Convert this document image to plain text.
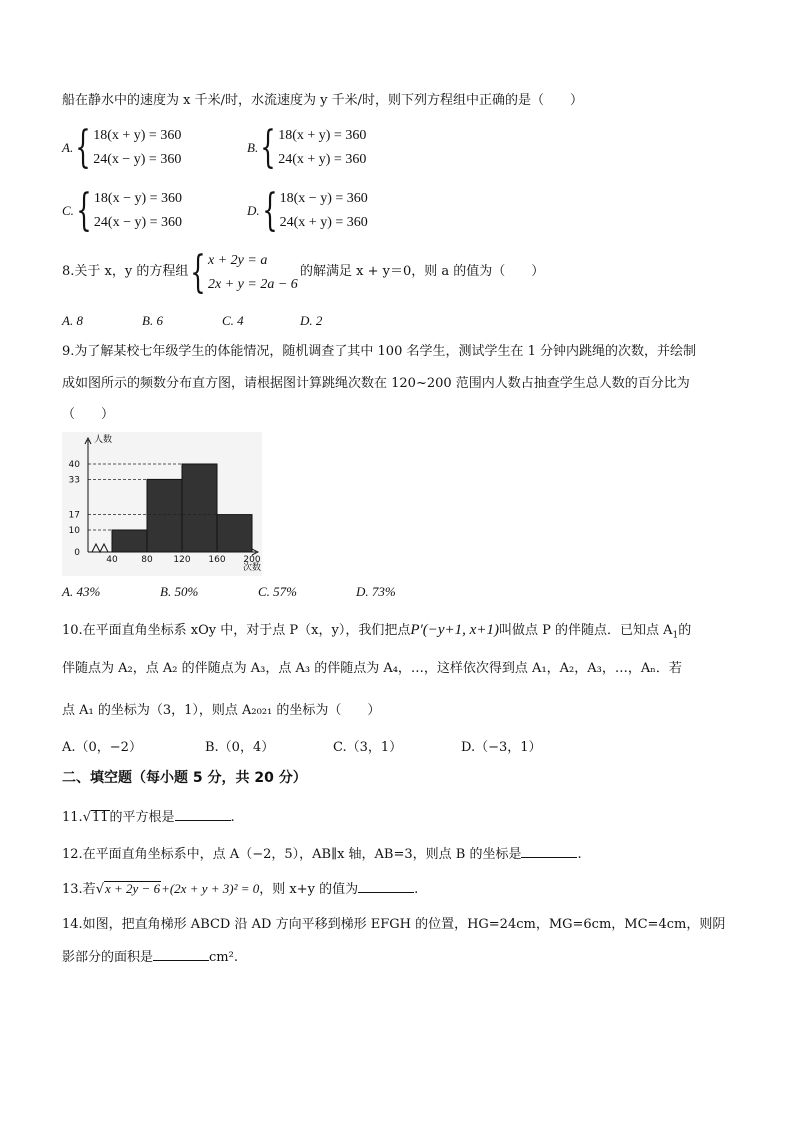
船在静水中的速度为 x 千米/时，水流速度为 y 千米/时，则下列方程组中正确的是（　　）
A. { 18(x + y) = 360
24(x − y) = 360
B. { 18(x + y) = 360
24(x + y) = 360
C. { 18(x − y) = 360
24(x − y) = 360
D. { 18(x − y) = 360
24(x + y) = 360
8.关于 x，y 的方程组 { x + 2y = a
2x + y = 2a − 6
的解满足 x + y＝0，则 a 的值为（　　）
A. 8	B. 6	C. 4	D. 2
9.为了解某校七年级学生的体能情况，随机调查了其中 100 名学生，测试学生在 1 分钟内跳绳的次数，并绘制
成如图所示的频数分布直方图，请根据图计算跳绳次数在 120~200 范围内人数占抽查学生总人数的百分比为
（　　）
0
10
17
33
40
40	80 120 160 200
人数
次数
A. 43%	B. 50%	C. 57%	D. 73%
10.在平面直角坐标系 xOy 中，对于点 P（x，y），我们把点P′(−y+1, x+1)叫做点 P 的伴随点．已知点 $A_1$的
伴随点为 A₂，点 A₂ 的伴随点为 A₃，点 A₃ 的伴随点为 A₄，…，这样依次得到点 A₁，A₂，A₃，…，Aₙ．若
点 A₁ 的坐标为（3，1），则点 A₂₀₂₁ 的坐标为（　　）
A.（0，−2）	B.（0，4）	C.（3，1）	D.（−3，1）
二、填空题（每小题 5 分，共 20 分）
11.√11的平方根是	.
12.在平面直角坐标系中，点 A（−2，5），AB∥x 轴，AB=3，则点 B 的坐标是	.
13.若√x + 2y − 6+(2x + y + 3)² = 0，则 x+y 的值为	.
14.如图，把直角梯形 ABCD 沿 AD 方向平移到梯形 EFGH 的位置，HG=24cm，MG=6cm，MC=4cm，则阴
影部分的面积是	cm².
